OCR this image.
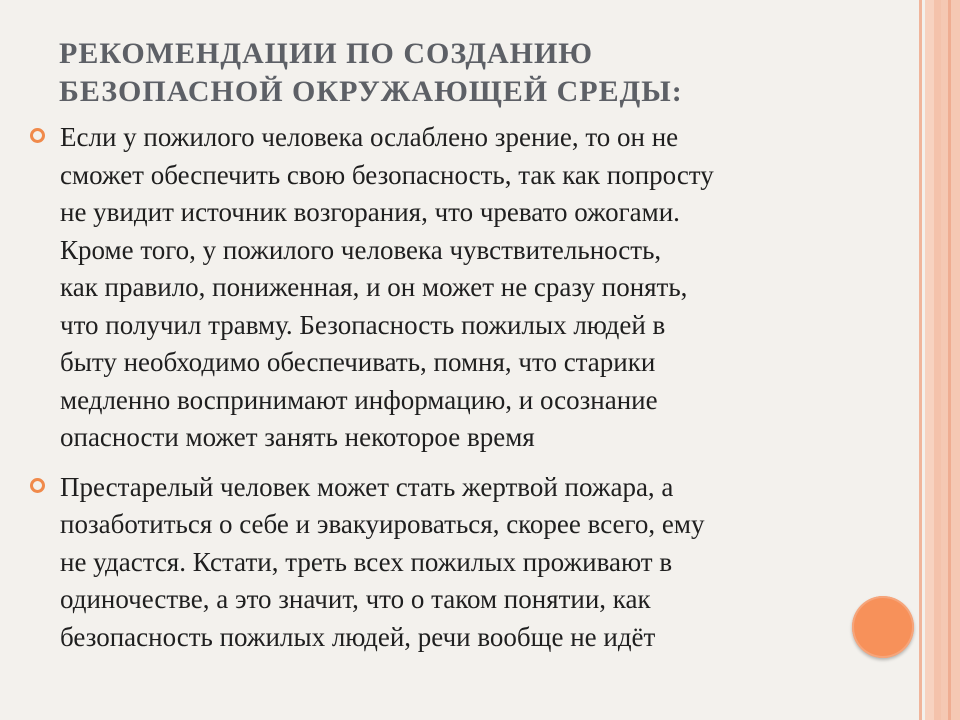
РЕКОМЕНДАЦИИ ПО СОЗДАНИЮ
БЕЗОПАСНОЙ ОКРУЖАЮЩЕЙ СРЕДЫ:
Если у пожилого человека ослаблено зрение, то он не
сможет обеспечить свою безопасность, так как попросту
не увидит источник возгорания, что чревато ожогами.
Кроме того, у пожилого человека чувствительность,
как правило, пониженная, и он может не сразу понять,
что получил травму. Безопасность пожилых людей в
быту необходимо обеспечивать, помня, что старики
медленно воспринимают информацию, и осознание
опасности может занять некоторое время
Престарелый человек может стать жертвой пожара, а
позаботиться о себе и эвакуироваться, скорее всего, ему
не удастся. Кстати, треть всех пожилых проживают в
одиночестве, а это значит, что о таком понятии, как
безопасность пожилых людей, речи вообще не идёт
